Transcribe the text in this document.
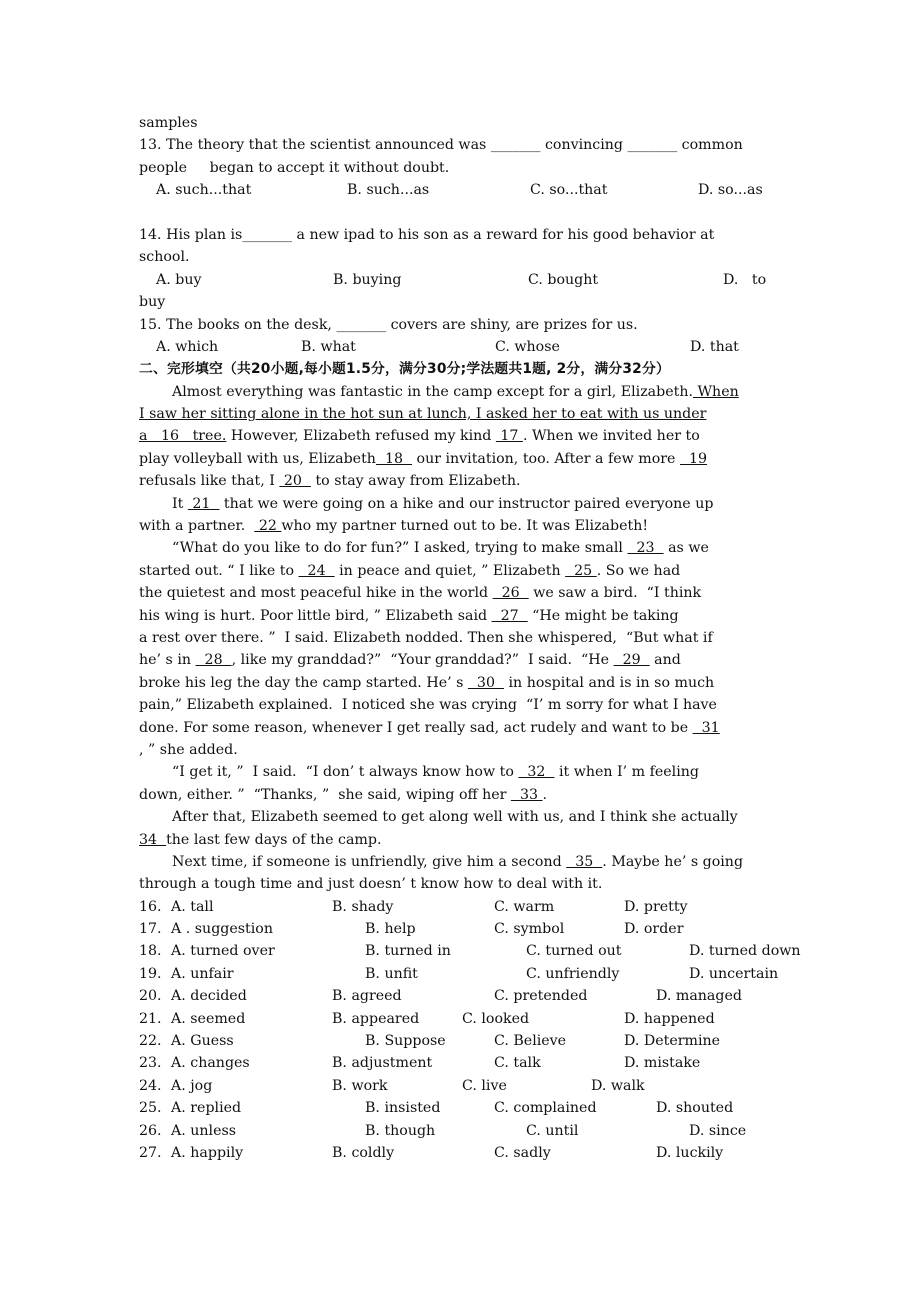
samples
13. The theory that the scientist announced was _______ convincing _______ common
people     began to accept it without doubt.
A. such...that	B. such...as	C. so...that	D. so...as
14. His plan is_______ a new ipad to his son as a reward for his good behavior at
school.
A. buy	B. buying	C. bought	D.   to
buy
15. The books on the desk, _______ covers are shiny, are prizes for us.
A. which	B. what	C. whose	D. that
二、完形填空（共20小题,每小题1.5分，满分30分;学法题共1题, 2分，满分32分）
Almost everything was fantastic in the camp except for a girl, Elizabeth. When
I saw her sitting alone in the hot sun at lunch, I asked her to eat with us under
a   16   tree. However, Elizabeth refused my kind  17 . When we invited her to
play volleyball with us, Elizabeth  18   our invitation, too. After a few more   19
refusals like that, I  20   to stay away from Elizabeth.
It  21   that we were going on a hike and our instructor paired everyone up
with a partner.   22 who my partner turned out to be. It was Elizabeth!
“What do you like to do for fun?” I asked, trying to make small   23   as we
started out. “ I like to   24   in peace and quiet, ” Elizabeth   25 . So we had
the quietest and most peaceful hike in the world   26   we saw a bird.  “I think
his wing is hurt. Poor little bird, ” Elizabeth said   27   “He might be taking
a rest over there. ”  I said. Elizabeth nodded. Then she whispered,  “But what if
he’ s in   28  , like my granddad?”  “Your granddad?”  I said.  “He   29   and
broke his leg the day the camp started. He’ s   30   in hospital and is in so much
pain,” Elizabeth explained.  I noticed she was crying  “I’ m sorry for what I have
done. For some reason, whenever I get really sad, act rudely and want to be   31
, ” she added.
“I get it, ”  I said.  “I don’ t always know how to   32   it when I’ m feeling
down, either. ”  “Thanks, ”  she said, wiping off her   33 .
After that, Elizabeth seemed to get along well with us, and I think she actually
34  the last few days of the camp.
Next time, if someone is unfriendly, give him a second   35  . Maybe he’ s going
through a tough time and just doesn’ t know how to deal with it.
16. A. tall	B. shady	C. warm	D. pretty
17. A . suggestion	B. help	C. symbol	D. order
18. A. turned over	B. turned in	C. turned out	D. turned down
19. A. unfair	B. unfit	C. unfriendly	D. uncertain
20. A. decided	B. agreed	C. pretended	D. managed
21. A. seemed	B. appeared	C. looked	D. happened
22. A. Guess	B. Suppose	C. Believe	D. Determine
23. A. changes	B. adjustment	C. talk	D. mistake
24. A. jog	B. work	C. live	D. walk
25. A. replied	B. insisted	C. complained	D. shouted
26. A. unless	B. though	C. until	D. since
27. A. happily	B. coldly	C. sadly	D. luckily
